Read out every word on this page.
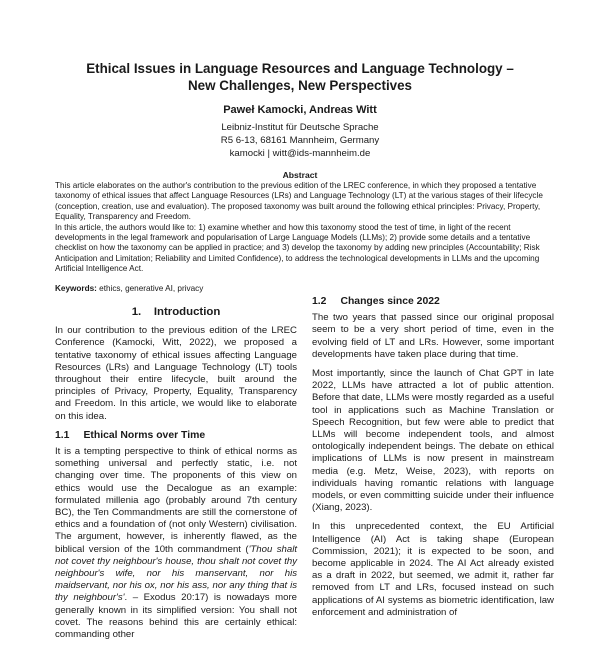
Ethical Issues in Language Resources and Language Technology –
New Challenges, New Perspectives
Paweł Kamocki, Andreas Witt
Leibniz-Institut für Deutsche Sprache
R5 6-13, 68161 Mannheim, Germany
kamocki | witt@ids-mannheim.de
Abstract

This article elaborates on the author's contribution to the previous edition of the LREC conference, in which they proposed a tentative taxonomy of ethical issues that affect Language Resources (LRs) and Language Technology (LT) at the various stages of their lifecycle (conception, creation, use and evaluation). The proposed taxonomy was built around the following ethical principles: Privacy, Property, Equality, Transparency and Freedom.

In this article, the authors would like to: 1) examine whether and how this taxonomy stood the test of time, in light of the recent developments in the legal framework and popularisation of Large Language Models (LLMs); 2) provide some details and a tentative checklist on how the taxonomy can be applied in practice; and 3) develop the taxonomy by adding new principles (Accountability; Risk Anticipation and Limitation; Reliability and Limited Confidence), to address the technological developments in LLMs and the upcoming Artificial Intelligence Act.

Keywords: ethics, generative AI, privacy
1. Introduction

In our contribution to the previous edition of the LREC Conference (Kamocki, Witt, 2022), we proposed a tentative taxonomy of ethical issues affecting Language Resources (LRs) and Language Technology (LT) tools throughout their entire lifecycle, built around the principles of Privacy, Property, Equality, Transparency and Freedom. In this article, we would like to elaborate on this idea.

1.1 Ethical Norms over Time

It is a tempting perspective to think of ethical norms as something universal and perfectly static, i.e. not changing over time. The proponents of this view on ethics would use the Decalogue as an example: formulated millenia ago (probably around 7th century BC), the Ten Commandments are still the cornerstone of ethics and a foundation of (not only Western) civilisation. The argument, however, is inherently flawed, as the biblical version of the 10th commandment ('Thou shalt not covet thy neighbour's house, thou shalt not covet thy neighbour's wife, nor his manservant, nor his maidservant, nor his ox, nor his ass, nor any thing that is thy neighbour's'. – Exodus 20:17) is nowadays more generally known in its simplified version: You shall not covet. The reasons behind this are certainly ethical: commanding other

1.2 Changes since 2022

The two years that passed since our original proposal seem to be a very short period of time, even in the evolving field of LT and LRs. However, some important developments have taken place during that time.

Most importantly, since the launch of Chat GPT in late 2022, LLMs have attracted a lot of public attention. Before that date, LLMs were mostly regarded as a useful tool in applications such as Machine Translation or Speech Recognition, but few were able to predict that LLMs will become independent tools, and almost ontologically independent beings. The debate on ethical implications of LLMs is now present in mainstream media (e.g. Metz, Weise, 2023), with reports on individuals having romantic relations with language models, or even committing suicide under their influence (Xiang, 2023).

In this unprecedented context, the EU Artificial Intelligence (AI) Act is taking shape (European Commission, 2021); it is expected to be soon, and become applicable in 2024. The AI Act already existed as a draft in 2022, but seemed, we admit it, rather far removed from LT and LRs, focused instead on such applications of AI systems as biometric identification, law enforcement and administration of
